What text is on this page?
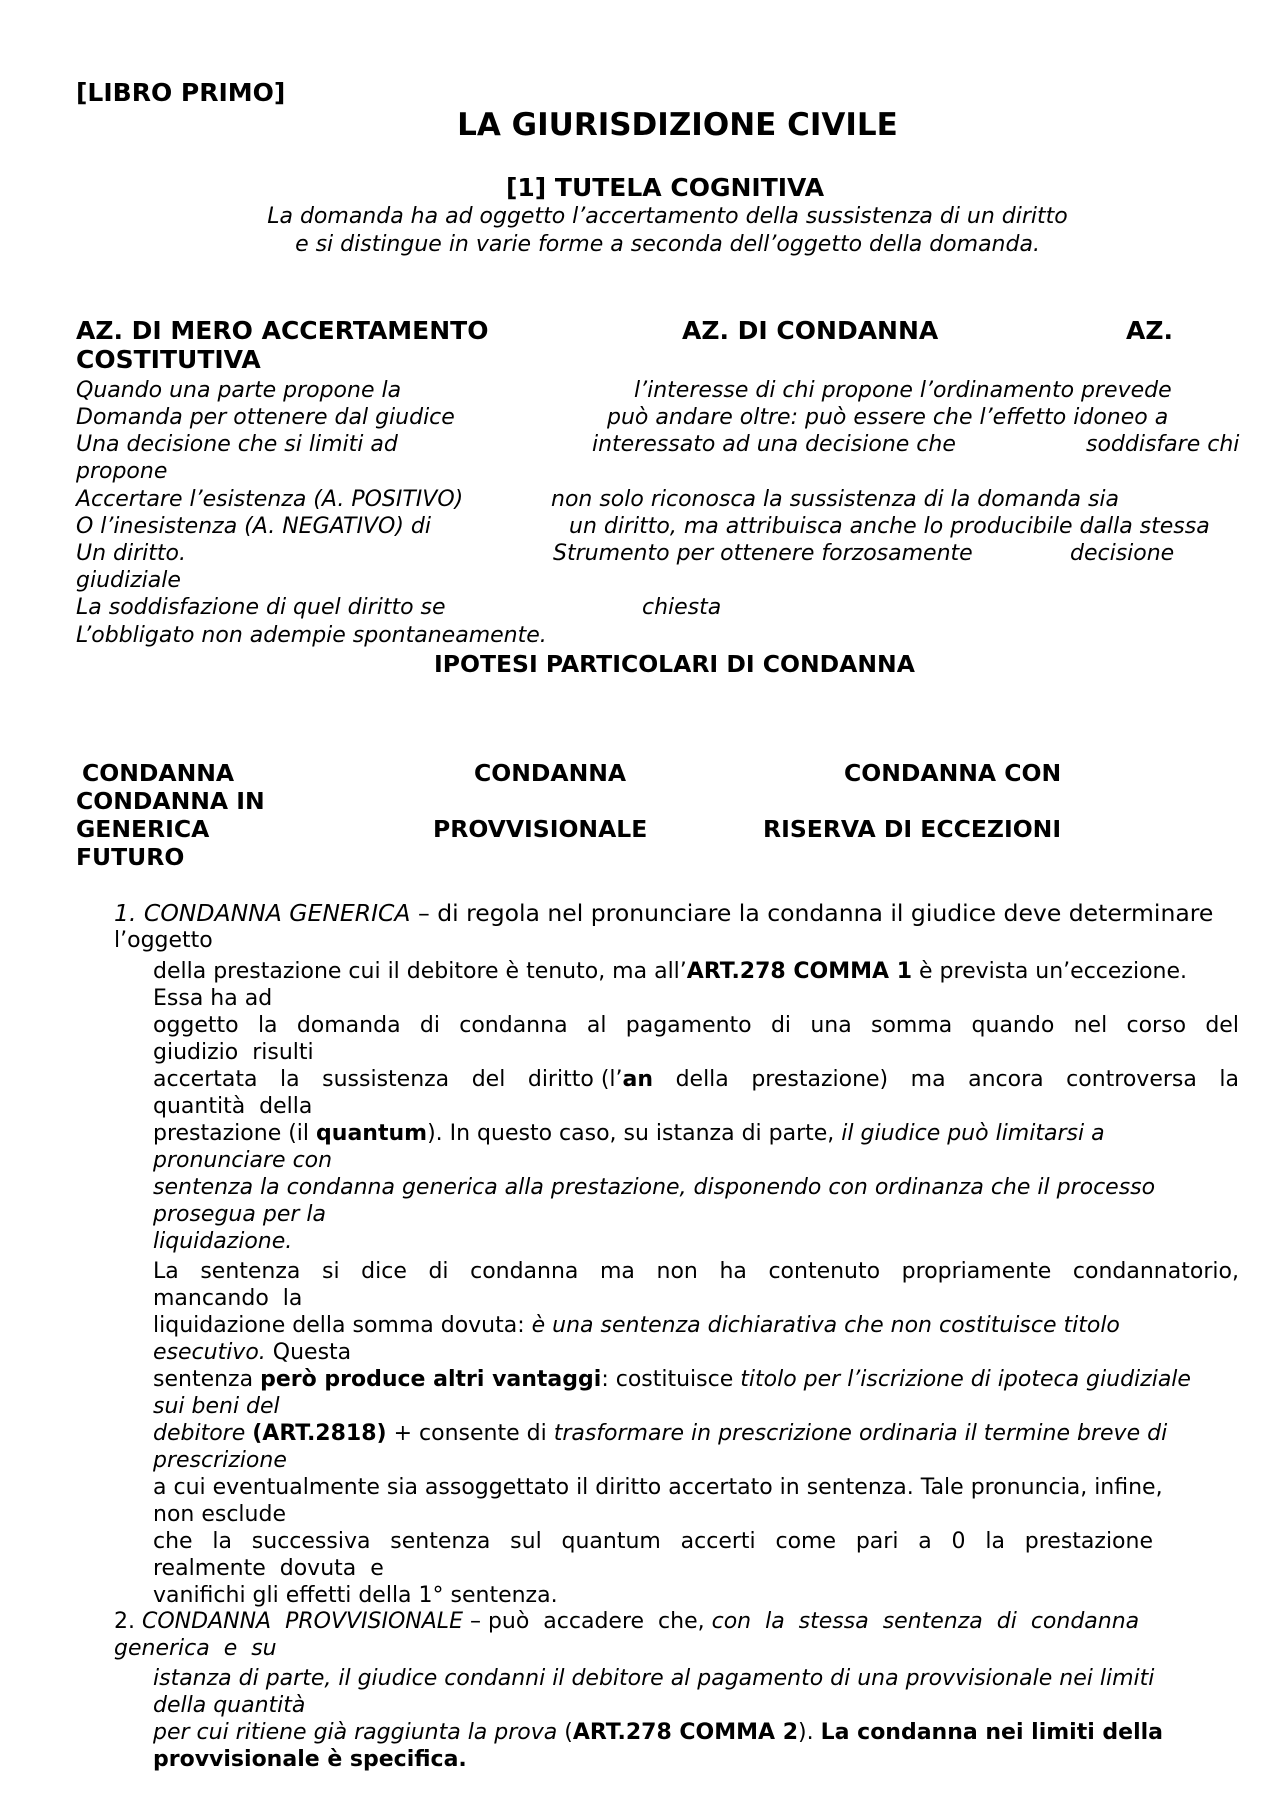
[LIBRO PRIMO]
LA GIURISDIZIONE CIVILE
[1] TUTELA COGNITIVA
La domanda ha ad oggetto l’accertamento della sussistenza di un diritto
e si distingue in varie forme a seconda dell’oggetto della domanda.
AZ. DI MERO ACCERTAMENTO	AZ. DI CONDANNA	AZ.
COSTITUTIVA
Quando una parte propone la	l’interesse di chi propone l’ordinamento prevede
Domanda per ottenere dal giudice	può andare oltre: può essere che l’effetto idoneo a
Una decisione che si limiti ad	interessato ad una decisione che	soddisfare chi
propone
Accertare l’esistenza (A. POSITIVO)	non solo riconosca la sussistenza di la domanda sia
O l’inesistenza (A. NEGATIVO) di	un diritto, ma attribuisca anche lo producibile dalla stessa
Un diritto.	Strumento per ottenere forzosamente	decisione
giudiziale
La soddisfazione di quel diritto se	chiesta
L’obbligato non adempie spontaneamente.
IPOTESI PARTICOLARI DI CONDANNA
CONDANNA	CONDANNA	CONDANNA CON
CONDANNA IN
GENERICA	PROVVISIONALE	RISERVA DI ECCEZIONI
FUTURO
1. CONDANNA GENERICA – di regola nel pronunciare la condanna il giudice deve determinare
l’oggetto
della prestazione cui il debitore è tenuto, ma all’ART.278 COMMA 1 è prevista un’eccezione.
Essa ha ad
oggetto la domanda di condanna al pagamento di una somma quando nel corso del
giudizio  risulti
accertata la sussistenza del diritto (l’an della prestazione) ma ancora controversa la
quantità  della
prestazione (il quantum). In questo caso, su istanza di parte, il giudice può limitarsi a
pronunciare con
sentenza la condanna generica alla prestazione, disponendo con ordinanza che il processo
prosegua per la
liquidazione.
La sentenza si dice di condanna ma non ha contenuto propriamente condannatorio,
mancando  la
liquidazione della somma dovuta: è una sentenza dichiarativa che non costituisce titolo
esecutivo. Questa
sentenza però produce altri vantaggi: costituisce titolo per l’iscrizione di ipoteca giudiziale
sui beni del
debitore (ART.2818) + consente di trasformare in prescrizione ordinaria il termine breve di
prescrizione
a cui eventualmente sia assoggettato il diritto accertato in sentenza. Tale pronuncia, infine,
non esclude
che la successiva sentenza sul quantum accerti come pari a 0 la prestazione
realmente  dovuta  e
vanifichi gli effetti della 1° sentenza.
2. CONDANNA  PROVVISIONALE – può  accadere  che, con  la  stessa  sentenza  di  condanna
generica  e  su
istanza di parte, il giudice condanni il debitore al pagamento di una provvisionale nei limiti
della quantità
per cui ritiene già raggiunta la prova (ART.278 COMMA 2). La condanna nei limiti della
provvisionale è specifica.
